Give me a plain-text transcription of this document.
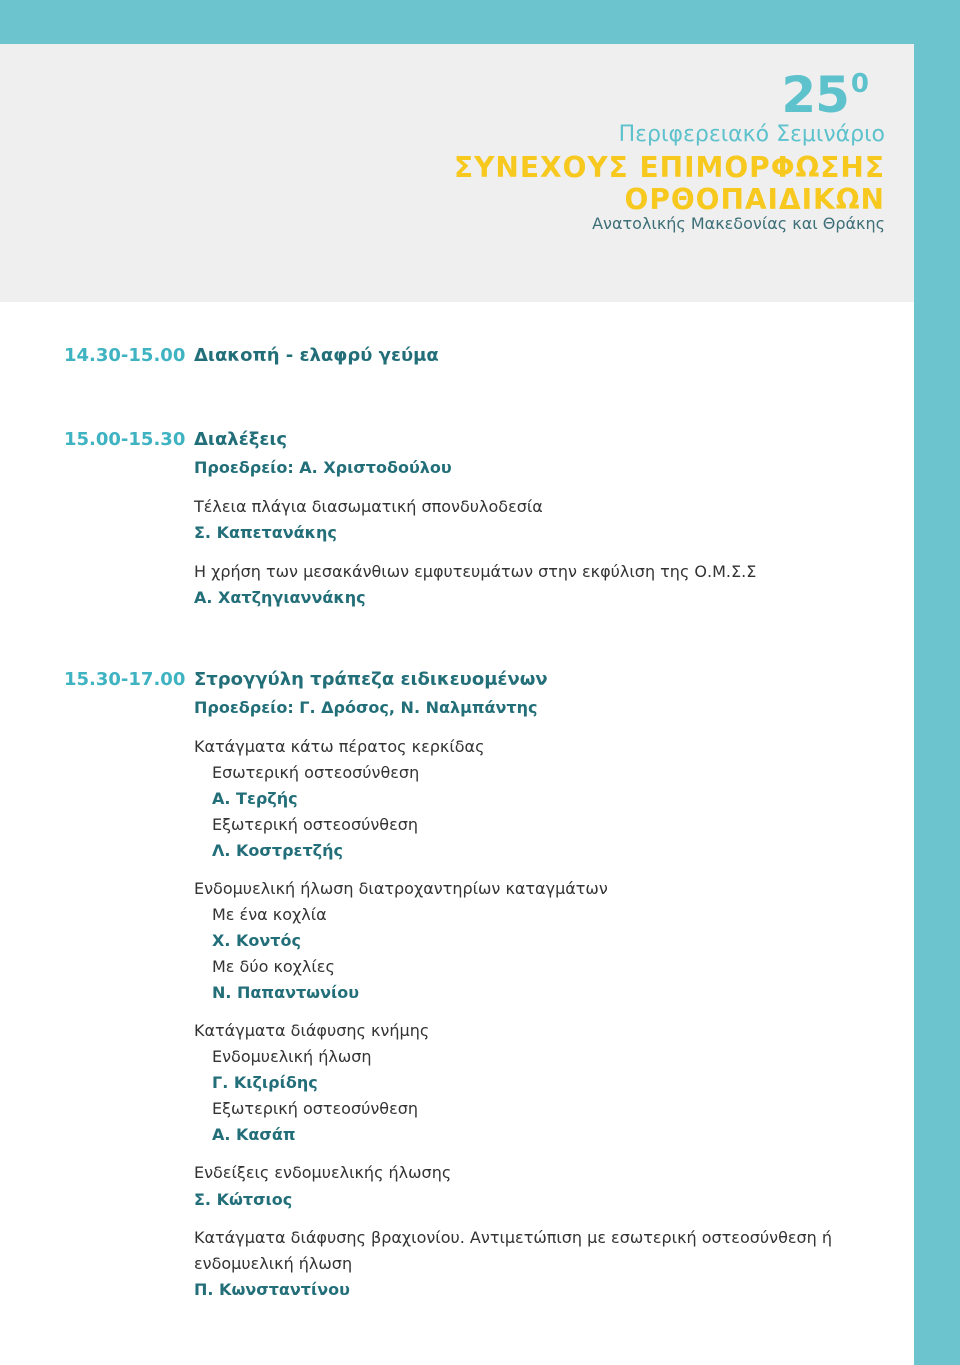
$25^0$
Περιφερειακό Σεμινάριο
ΣΥΝΕΧΟΥΣ ΕΠΙΜΟΡΦΩΣΗΣ
ΟΡΘΟΠΑΙΔΙΚΩΝ
Ανατολικής Μακεδονίας και Θράκης
14.30-15.00 Διακοπή - ελαφρύ γεύμα
15.00-15.30 Διαλέξεις
Προεδρείο: Α. Χριστοδούλου
Τέλεια πλάγια διασωματική σπονδυλοδεσία
Σ. Καπετανάκης
Η χρήση των μεσακάνθιων εμφυτευμάτων στην εκφύλιση της Ο.Μ.Σ.Σ
Α. Χατζηγιαννάκης
15.30-17.00 Στρογγύλη τράπεζα ειδικευομένων
Προεδρείο: Γ. Δρόσος, Ν. Ναλμπάντης
Κατάγματα κάτω πέρατος κερκίδας
Εσωτερική οστεοσύνθεση
Α. Τερζής
Εξωτερική οστεοσύνθεση
Λ. Κοστρετζής
Ενδομυελική ήλωση διατροχαντηρίων καταγμάτων
Με ένα κοχλία
Χ. Κοντός
Με δύο κοχλίες
Ν. Παπαντωνίου
Κατάγματα διάφυσης κνήμης
Ενδομυελική ήλωση
Γ. Κιζιρίδης
Εξωτερική οστεοσύνθεση
Α. Κασάπ
Ενδείξεις ενδομυελικής ήλωσης
Σ. Κώτσιος
Κατάγματα διάφυσης βραχιονίου. Αντιμετώπιση με εσωτερική οστεοσύνθεση ή
ενδομυελική ήλωση
Π. Κωνσταντίνου
